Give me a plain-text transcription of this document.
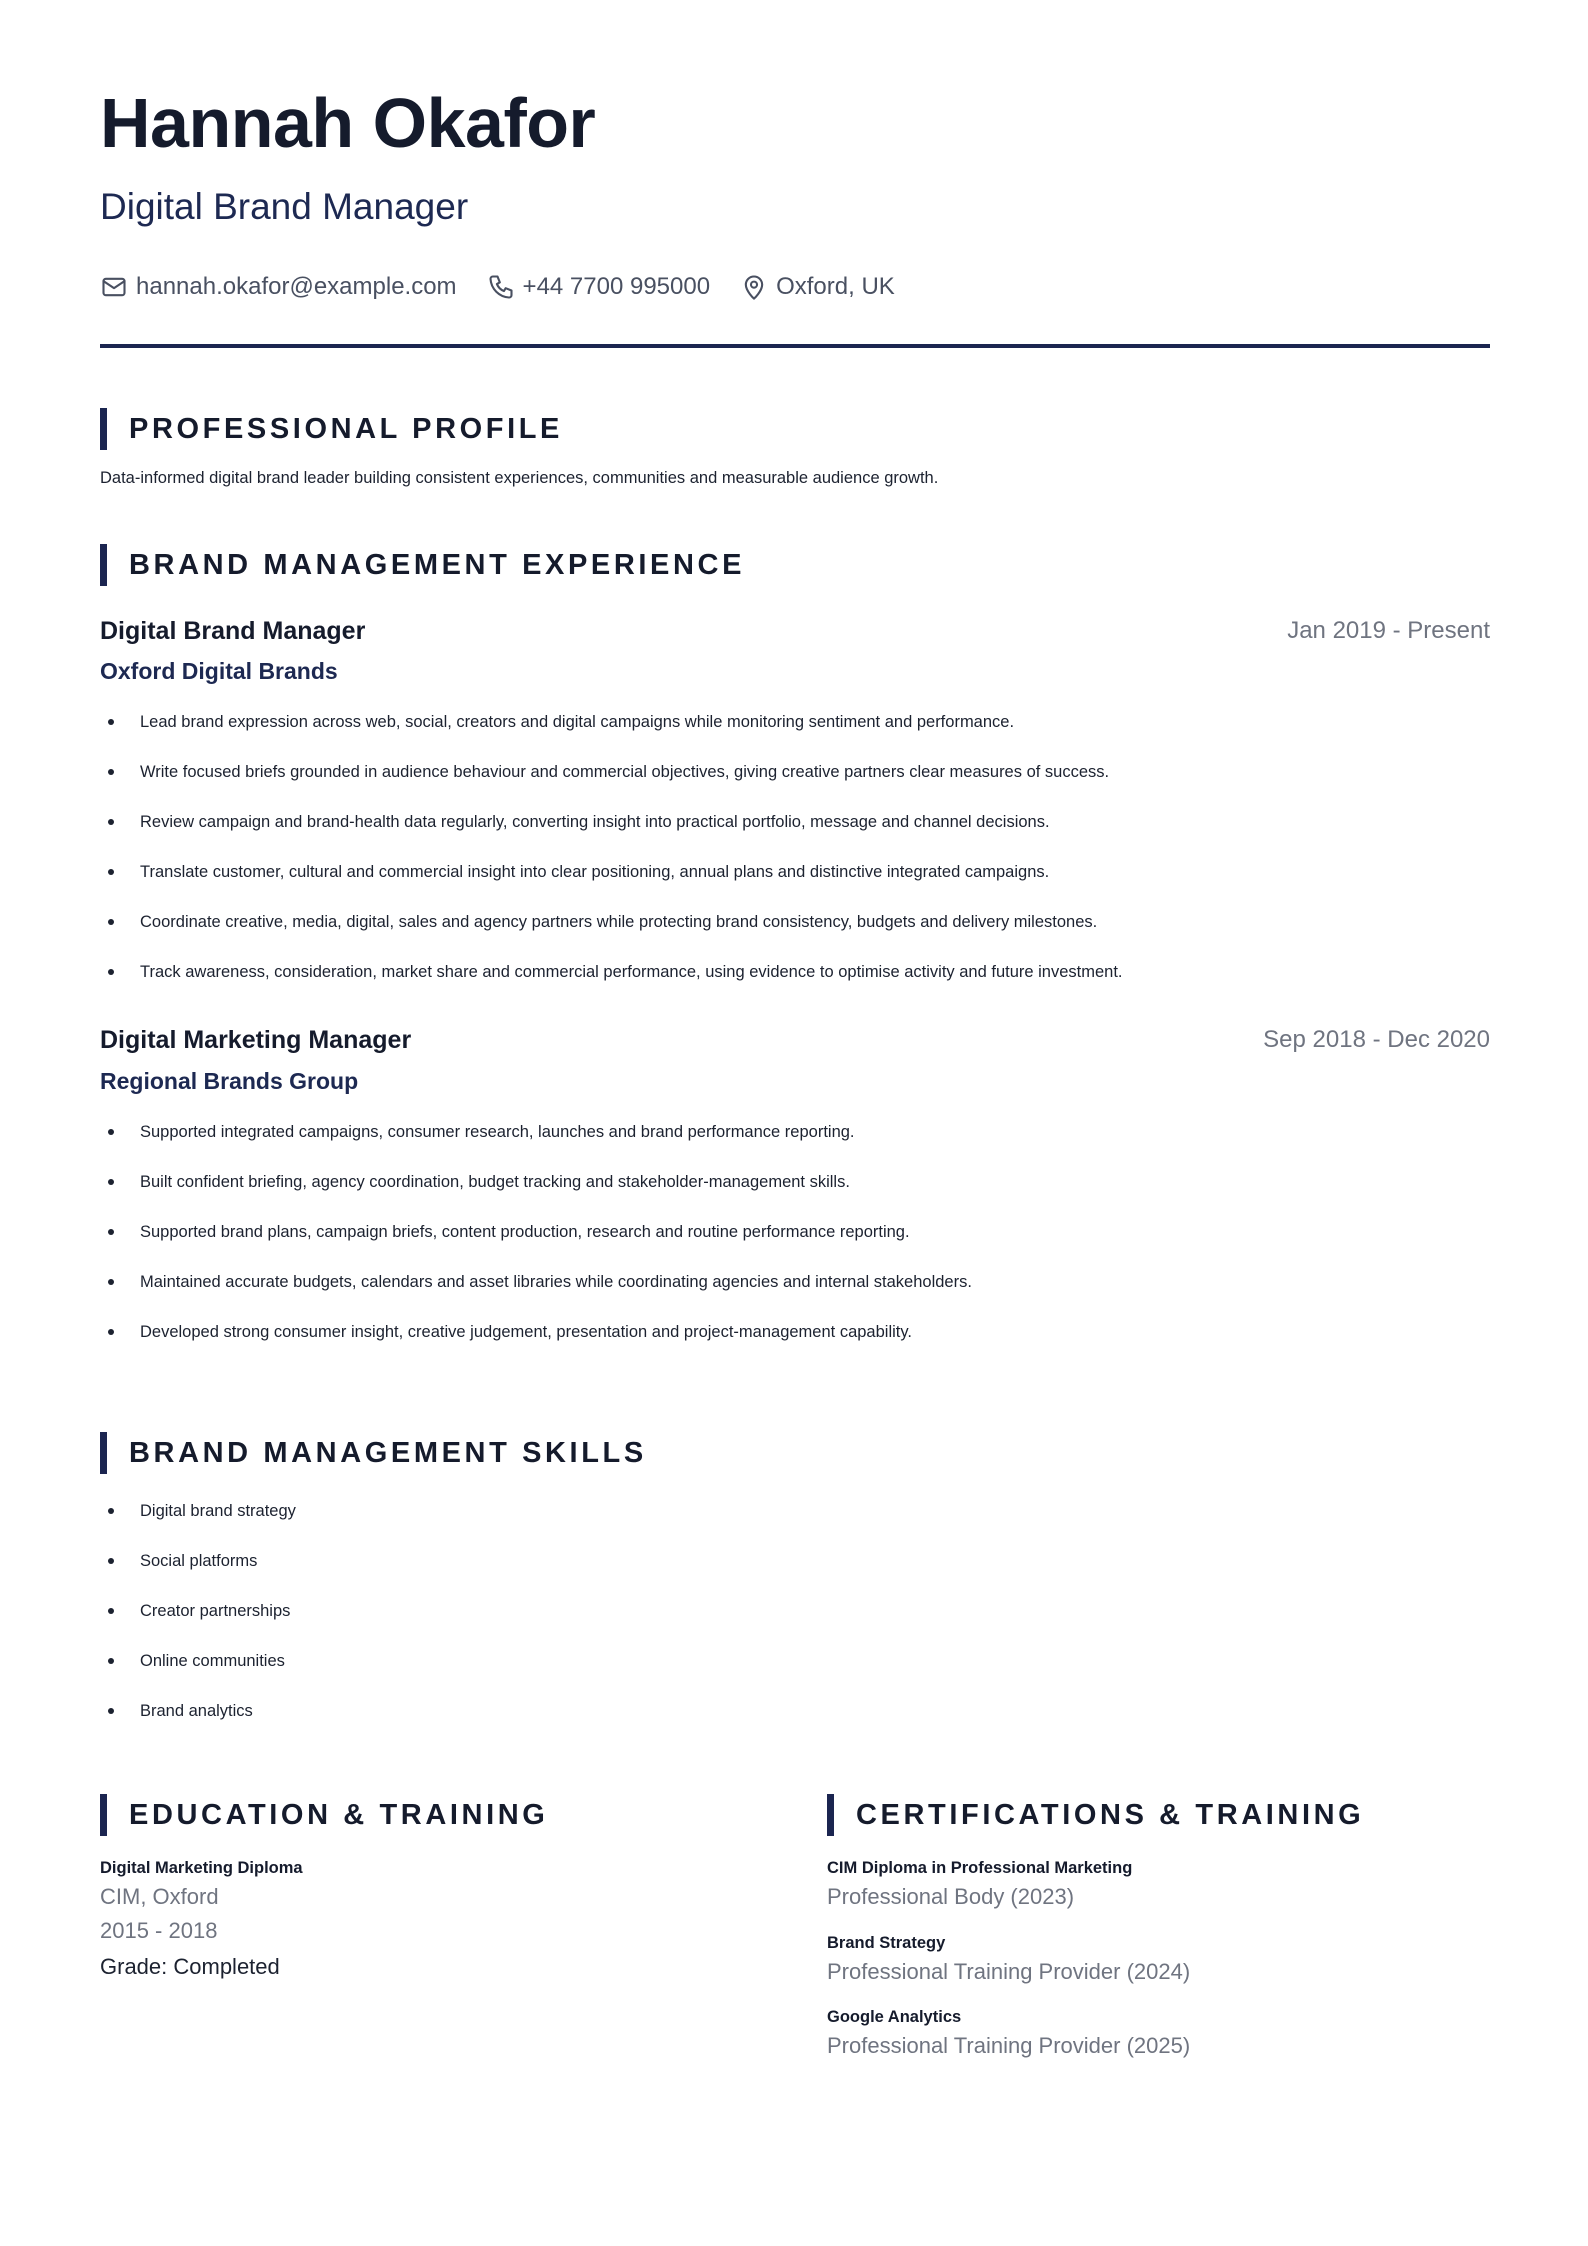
Hannah Okafor
Digital Brand Manager
hannah.okafor@example.com	+44 7700 995000	Oxford, UK
PROFESSIONAL PROFILE
Data-informed digital brand leader building consistent experiences, communities and measurable audience growth.
BRAND MANAGEMENT EXPERIENCE
Digital Brand Manager	Jan 2019 - Present
Oxford Digital Brands
Lead brand expression across web, social, creators and digital campaigns while monitoring sentiment and performance.
Write focused briefs grounded in audience behaviour and commercial objectives, giving creative partners clear measures of success.
Review campaign and brand-health data regularly, converting insight into practical portfolio, message and channel decisions.
Translate customer, cultural and commercial insight into clear positioning, annual plans and distinctive integrated campaigns.
Coordinate creative, media, digital, sales and agency partners while protecting brand consistency, budgets and delivery milestones.
Track awareness, consideration, market share and commercial performance, using evidence to optimise activity and future investment.
Digital Marketing Manager	Sep 2018 - Dec 2020
Regional Brands Group
Supported integrated campaigns, consumer research, launches and brand performance reporting.
Built confident briefing, agency coordination, budget tracking and stakeholder-management skills.
Supported brand plans, campaign briefs, content production, research and routine performance reporting.
Maintained accurate budgets, calendars and asset libraries while coordinating agencies and internal stakeholders.
Developed strong consumer insight, creative judgement, presentation and project-management capability.
BRAND MANAGEMENT SKILLS
Digital brand strategy
Social platforms
Creator partnerships
Online communities
Brand analytics
EDUCATION & TRAINING
Digital Marketing Diploma
CIM, Oxford
2015 - 2018
Grade: Completed
CERTIFICATIONS & TRAINING
CIM Diploma in Professional Marketing
Professional Body (2023)
Brand Strategy
Professional Training Provider (2024)
Google Analytics
Professional Training Provider (2025)
